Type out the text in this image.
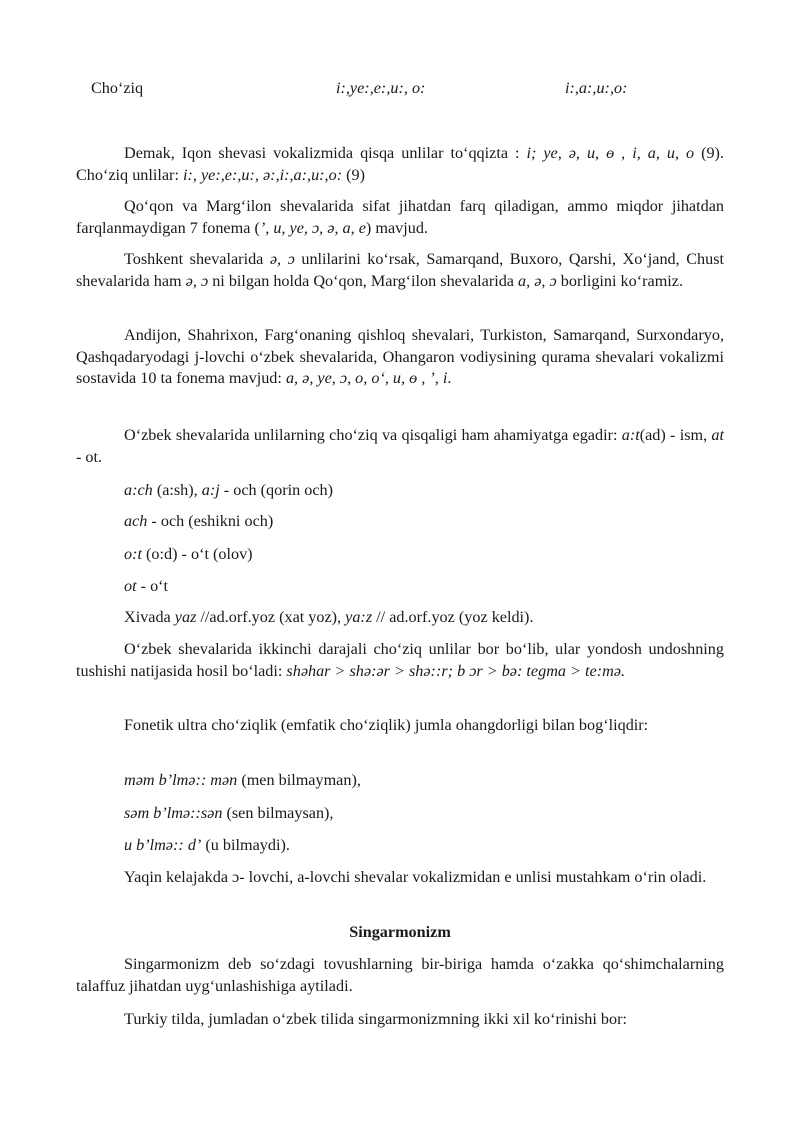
Cho‘ziq	i:,ye:,e:,u:, o:	i:,a:,u:,o:

Demak, Iqon shevasi vokalizmida qisqa unlilar to‘qqizta : i; ye, ə, u, ɵ , i, a, u, o (9). Cho‘ziq unlilar: i:, ye:,e:,u:, ə:,i:,a:,u:,o: (9)

Qo‘qon va Marg‘ilon shevalarida sifat jihatdan farq qiladigan, ammo miqdor jihatdan farqlanmaydigan 7 fonema (’, u, ye, ɔ, ə, a, e) mavjud.

Toshkent shevalarida ə, ɔ unlilarini ko‘rsak, Samarqand, Buxoro, Qarshi, Xo‘jand, Chust shevalarida ham ə, ɔ ni bilgan holda Qo‘qon, Marg‘ilon shevalarida a, ə, ɔ borligini ko‘ramiz.

Andijon, Shahrixon, Farg‘onaning qishloq shevalari, Turkiston, Samarqand, Surxondaryo, Qashqadaryodagi j-lovchi o‘zbek shevalarida, Ohangaron vodiysining qurama shevalari vokalizmi sostavida 10 ta fonema mavjud: a, ə, ye, ɔ, o, o‘, u, ɵ , ’, i.

O‘zbek shevalarida unlilarning cho‘ziq va qisqaligi ham ahamiyatga egadir: a:t(ad) - ism, at - ot.

a:ch (a:sh), a:j - och (qorin och)

ach - och (eshikni och)

o:t (o:d) - o‘t (olov)

ot - o‘t

Xivada yaz //ad.orf.yoz (xat yoz), ya:z // ad.orf.yoz (yoz keldi).

O‘zbek shevalarida ikkinchi darajali cho‘ziq unlilar bor bo‘lib, ular yondosh undoshning tushishi natijasida hosil bo‘ladi: shəhar > shə:ər > shə::r; b ɔr > bə: tegma > te:mə.

Fonetik ultra cho‘ziqlik (emfatik cho‘ziqlik) jumla ohangdorligi bilan bog‘liqdir:

məm b’lmə:: mən (men bilmayman),

səm b’lmə::sən (sen bilmaysan),

u b’lmə:: d’ (u bilmaydi).

Yaqin kelajakda ɔ- lovchi, a-lovchi shevalar vokalizmidan e unlisi mustahkam o‘rin oladi.

Singarmonizm

Singarmonizm deb so‘zdagi tovushlarning bir-biriga hamda o‘zakka qo‘shimchalarning talaffuz jihatdan uyg‘unlashishiga aytiladi.

Turkiy tilda, jumladan o‘zbek tilida singarmonizmning ikki xil ko‘rinishi bor:
